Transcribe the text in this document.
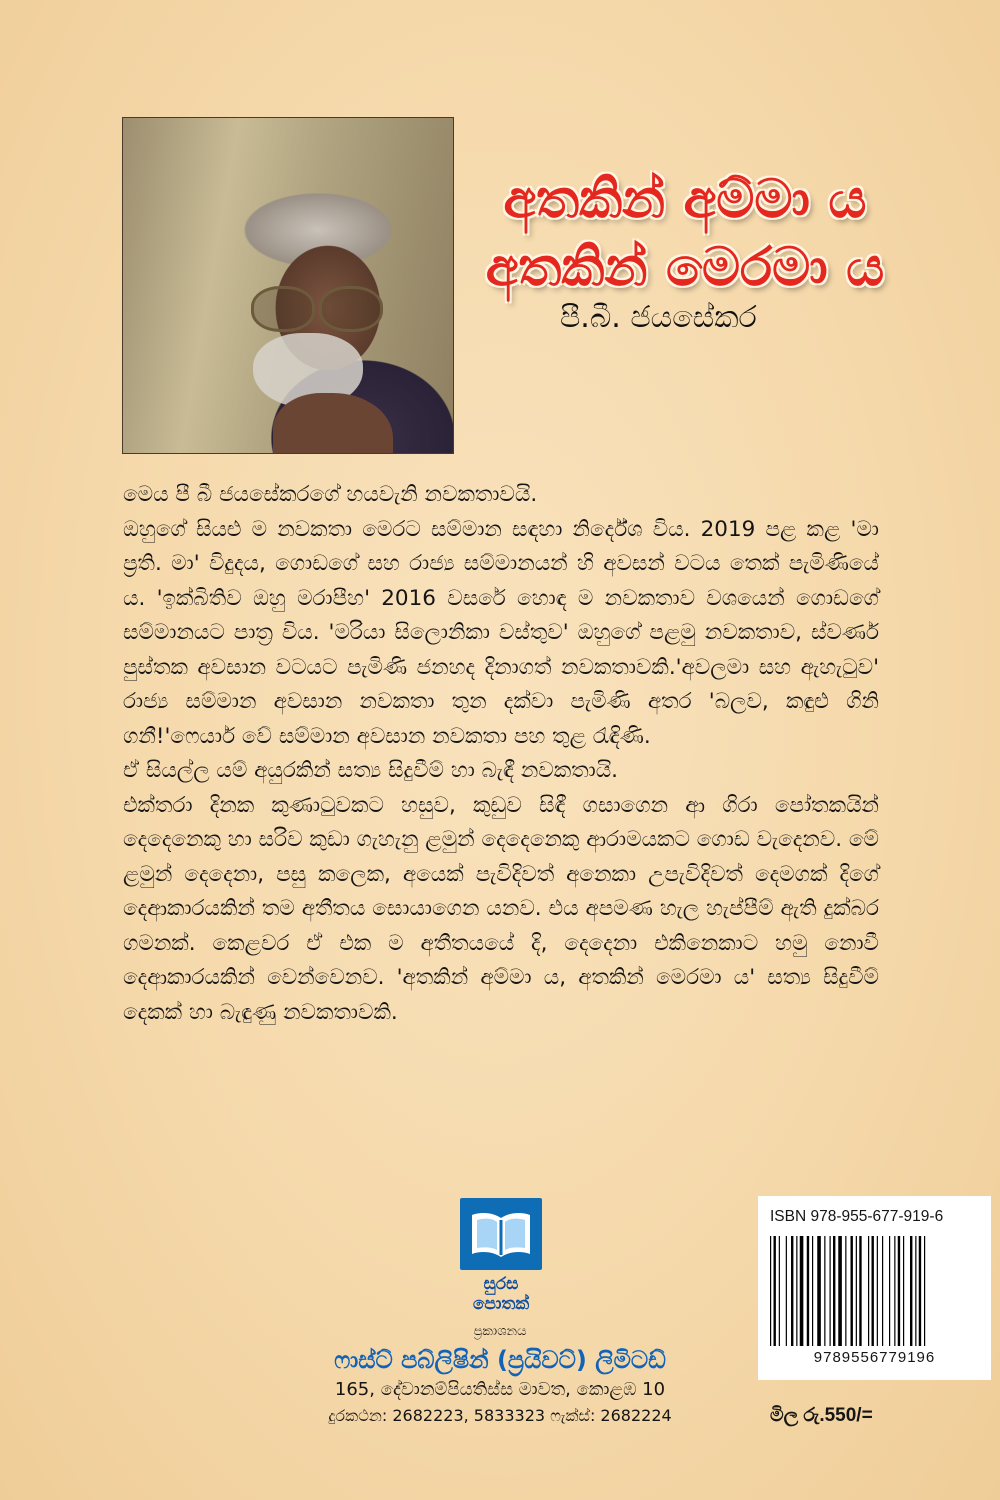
අතකින් අම්මා ය
අතකින් මෙරමා ය

පී.බී. ජයසේකර

මෙය පී බී ජයසේකරගේ හයවැනි නවකතාවයි.

ඔහුගේ සියළු ම නවකතා මෙරට සම්මාන සඳහා නිර්දේශ විය. 2019 පළ කළ 'මා ප්‍රති. මා' විදුදය, ගොඩගේ සහ රාජ්‍ය සම්මානයන් හි අවසන් වටය තෙක් පැමිණියේ ය. 'ඉක්බිතිව ඔහු මරාපීහ' 2016 වසරේ හොඳ ම නවකතාව වශයෙන් ගොඩගේ සම්මානයට පාත්‍ර විය. 'මරියා සිලොනිකා වස්තුව' ඔහුගේ පළමු නවකතාව, ස්වර්ණ පුස්තක අවසාන වටයට පැමිණි ජනහද දිනාගත් නවකතාවකි.'අවලමා සහ ඇහැටුව' රාජ්‍ය සම්මාන අවසාන නවකතා තුන දක්වා පැමිණි අතර 'බලව, කඳුළු ගිනි ගනී!'ෆෙයාර් වේ සම්මාන අවසාන නවකතා පහ තුළ රැඳිණි.

ඒ සියල්ල යම් අයුරකින් සත්‍ය සිදුවීම් හා බැඳී නවකතායි.

එක්තරා දිනක කුණාටුවකට හසුව, කුඩුව සිඳී ගසාගෙන ආ ගිරා පෝතකයින් දෙදෙනෙකු හා සරිව කුඩා ගැහැනු ළමුන් දෙදෙනෙකු ආරාමයකට ගොඩ වැදෙනව. මේ ළමුන් දෙදෙනා, පසු කලෙක, අයෙක් පැවිදිවත් අනෙකා උපැවිදිවත් දෙමගක් දිගේ දෙආකාරයකින් තම අතීතය සොයාගෙන යනව. එය අපමණ හැල හැප්පීම් ඇති දුක්බර ගමනක්. කෙළවර ඒ එක ම අතීතයයේ දි, දෙදෙනා එකිනෙකාට හමු නොවී දෙආකාරයකින් වෙන්වෙනව. 'අතකින් අම්මා ය, අතකින් මෙරමා ය' සත්‍ය සිදුවීම් දෙකක් හා බැඳුණු නවකතාවකි.

සුරස
පොතක්

ප්‍රකාශනය

ෆාස්ට් පබ්ලිෂින් (ප්‍රයිවට්) ලිමිටඩ්

165, දේවානම්පියතිස්ස මාවත, කොළඹ 10

දුරකථන: 2682223, 5833323 ෆැක්ස්: 2682224

ISBN 978-955-677-919-6

9789556779196

මිල රු.550/=
